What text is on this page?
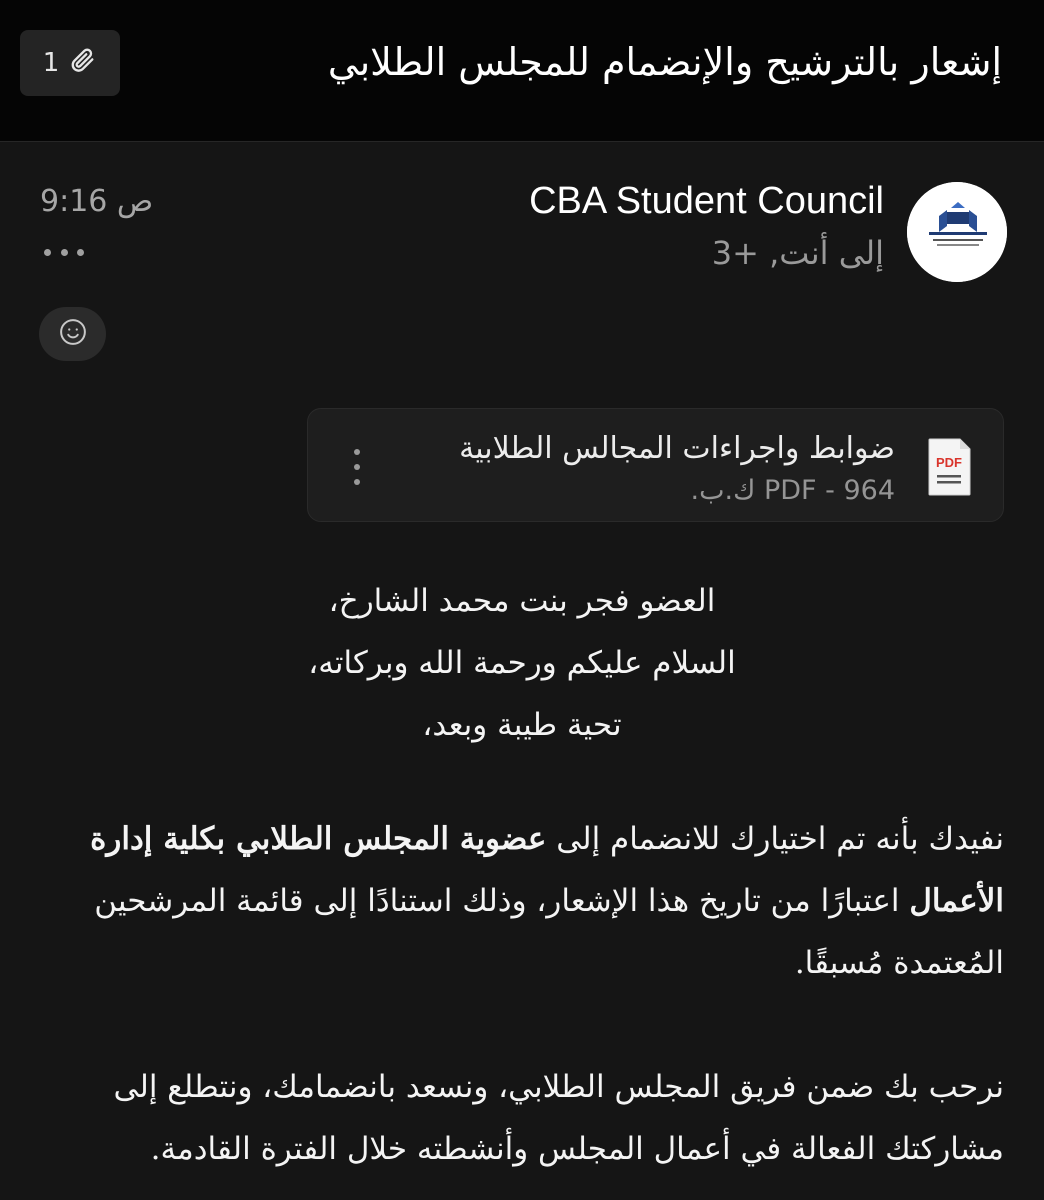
إشعار بالترشيح والإنضمام للمجلس الطلابي
1
CBA Student Council
إلى أنت, +3
9:16 ص
PDF
ضوابط واجراءات المجالس الطلابية
PDF - 964 ك.ب.
العضو فجر بنت محمد الشارخ،
السلام عليكم ورحمة الله وبركاته،
تحية طيبة وبعد،
نفيدك بأنه تم اختيارك للانضمام إلى عضوية المجلس الطلابي بكلية إدارة
الأعمال اعتبارًا من تاريخ هذا الإشعار، وذلك استنادًا إلى قائمة المرشحين
المُعتمدة مُسبقًا.
نرحب بك ضمن فريق المجلس الطلابي، ونسعد بانضمامك، ونتطلع إلى
مشاركتك الفعالة في أعمال المجلس وأنشطته خلال الفترة القادمة.
